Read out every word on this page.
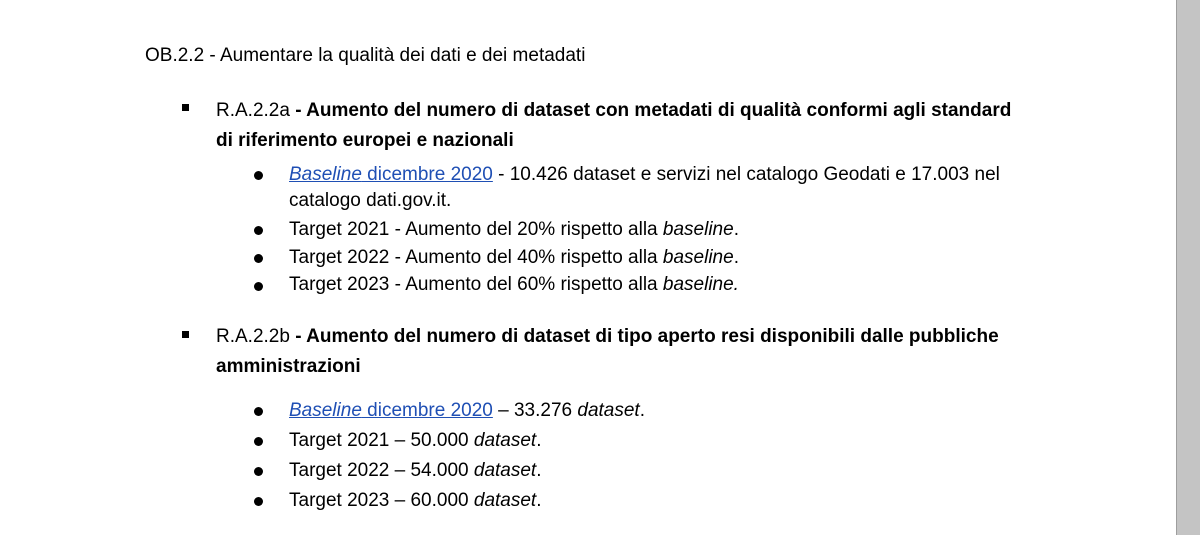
OB.2.2 - Aumentare la qualità dei dati e dei metadati
R.A.2.2a - Aumento del numero di dataset con metadati di qualità conformi agli standard
di riferimento europei e nazionali
Baseline dicembre 2020 - 10.426 dataset e servizi nel catalogo Geodati e 17.003 nel
catalogo dati.gov.it.
Target 2021 - Aumento del 20% rispetto alla baseline.
Target 2022 - Aumento del 40% rispetto alla baseline.
Target 2023 - Aumento del 60% rispetto alla baseline.
R.A.2.2b - Aumento del numero di dataset di tipo aperto resi disponibili dalle pubbliche
amministrazioni
Baseline dicembre 2020 – 33.276 dataset.
Target 2021 – 50.000 dataset.
Target 2022 – 54.000 dataset.
Target 2023 – 60.000 dataset.
